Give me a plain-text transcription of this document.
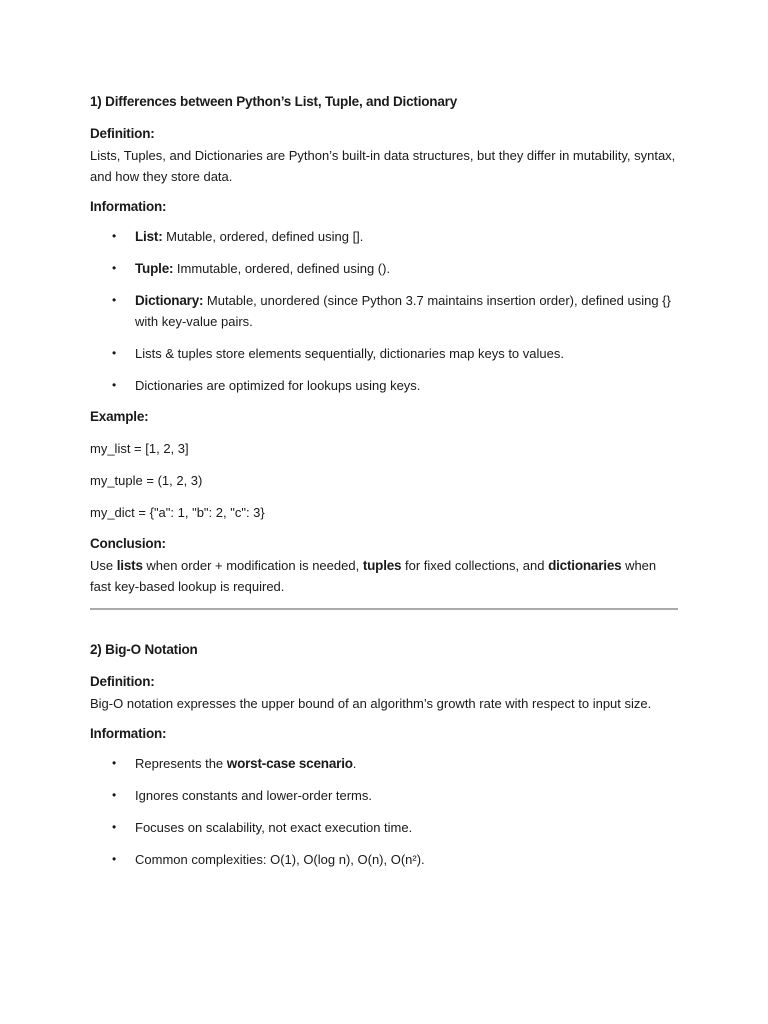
1) Differences between Python’s List, Tuple, and Dictionary
Definition:
Lists, Tuples, and Dictionaries are Python’s built-in data structures, but they differ in mutability, syntax, and how they store data.
Information:
• List: Mutable, ordered, defined using [].
• Tuple: Immutable, ordered, defined using ().
• Dictionary: Mutable, unordered (since Python 3.7 maintains insertion order), defined using {} with key-value pairs.
• Lists & tuples store elements sequentially, dictionaries map keys to values.
• Dictionaries are optimized for lookups using keys.
Example:
my_list = [1, 2, 3]
my_tuple = (1, 2, 3)
my_dict = {"a": 1, "b": 2, "c": 3}
Conclusion:
Use lists when order + modification is needed, tuples for fixed collections, and dictionaries when fast key-based lookup is required.
2) Big-O Notation
Definition:
Big-O notation expresses the upper bound of an algorithm’s growth rate with respect to input size.
Information:
• Represents the worst-case scenario.
• Ignores constants and lower-order terms.
• Focuses on scalability, not exact execution time.
• Common complexities: O(1), O(log n), O(n), O(n²).
